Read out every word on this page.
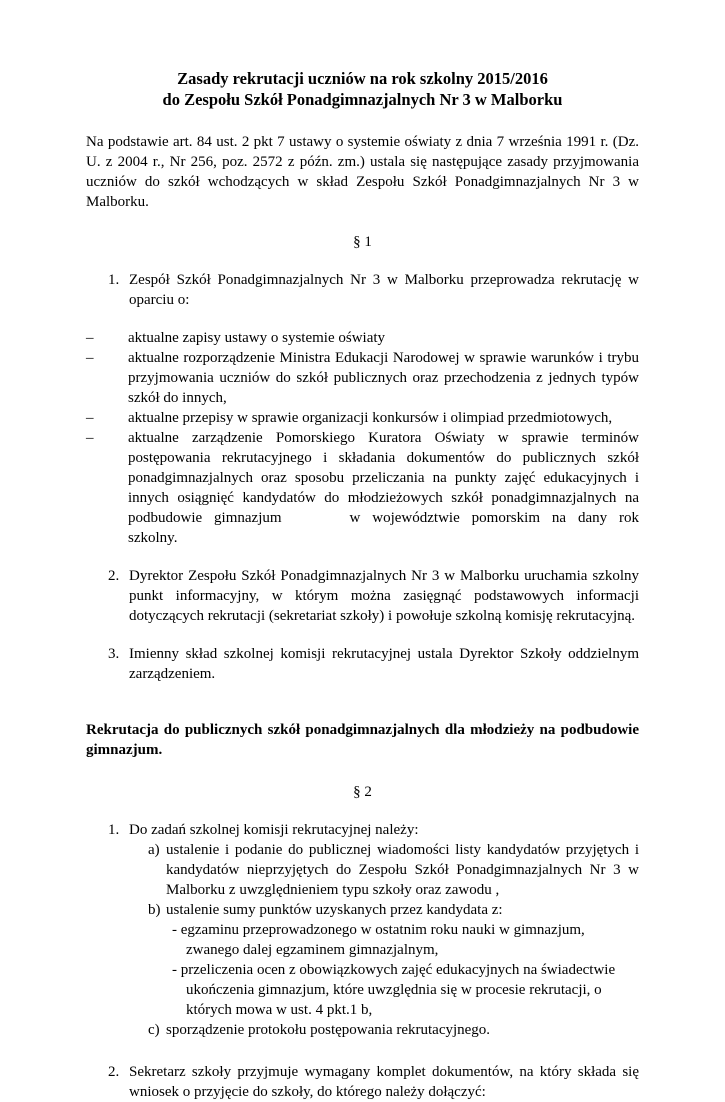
Zasady rekrutacji uczniów na rok szkolny 2015/2016
do Zespołu Szkół Ponadgimnazjalnych Nr 3 w Malborku

Na podstawie art. 84 ust. 2 pkt 7 ustawy o systemie oświaty z dnia 7 września 1991 r. (Dz. U. z 2004 r., Nr 256, poz. 2572 z późn. zm.) ustala się następujące zasady przyjmowania uczniów do szkół wchodzących w skład Zespołu Szkół Ponadgimnazjalnych Nr 3 w Malborku.

§ 1

1. Zespół Szkół Ponadgimnazjalnych Nr 3 w Malborku przeprowadza rekrutację w oparciu o:
– aktualne zapisy ustawy o systemie oświaty
– aktualne rozporządzenie Ministra Edukacji Narodowej w sprawie warunków i trybu przyjmowania uczniów do szkół publicznych oraz przechodzenia z jednych typów szkół do innych,
– aktualne przepisy w sprawie organizacji konkursów i olimpiad przedmiotowych,
– aktualne zarządzenie Pomorskiego Kuratora Oświaty w sprawie terminów postępowania rekrutacyjnego i składania dokumentów do publicznych szkół ponadgimnazjalnych oraz sposobu przeliczania na punkty zajęć edukacyjnych i innych osiągnięć kandydatów do młodzieżowych szkół ponadgimnazjalnych na podbudowie gimnazjum	w województwie pomorskim na dany rok szkolny.
2. Dyrektor Zespołu Szkół Ponadgimnazjalnych Nr 3 w Malborku uruchamia szkolny punkt informacyjny, w którym można zasięgnąć podstawowych informacji dotyczących rekrutacji (sekretariat szkoły) i powołuje szkolną komisję rekrutacyjną.
3. Imienny skład szkolnej komisji rekrutacyjnej ustala Dyrektor Szkoły oddzielnym zarządzeniem.

Rekrutacja do publicznych szkół ponadgimnazjalnych dla młodzieży na podbudowie gimnazjum.

§ 2

1. Do zadań szkolnej komisji rekrutacyjnej należy:
a) ustalenie i podanie do publicznej wiadomości listy kandydatów przyjętych i kandydatów nieprzyjętych do Zespołu Szkół Ponadgimnazjalnych Nr 3 w Malborku z uwzględnieniem typu szkoły oraz zawodu ,
b) ustalenie sumy punktów uzyskanych przez kandydata z:
- egzaminu przeprowadzonego w ostatnim roku nauki w gimnazjum, zwanego dalej egzaminem gimnazjalnym,
- przeliczenia ocen z obowiązkowych zajęć edukacyjnych na świadectwie ukończenia gimnazjum, które uwzględnia się w procesie rekrutacji, o których mowa w ust. 4 pkt.1 b,
c) sporządzenie protokołu postępowania rekrutacyjnego.
2. Sekretarz szkoły przyjmuje wymagany komplet dokumentów, na który składa się wniosek o przyjęcie do szkoły, do którego należy dołączyć:
